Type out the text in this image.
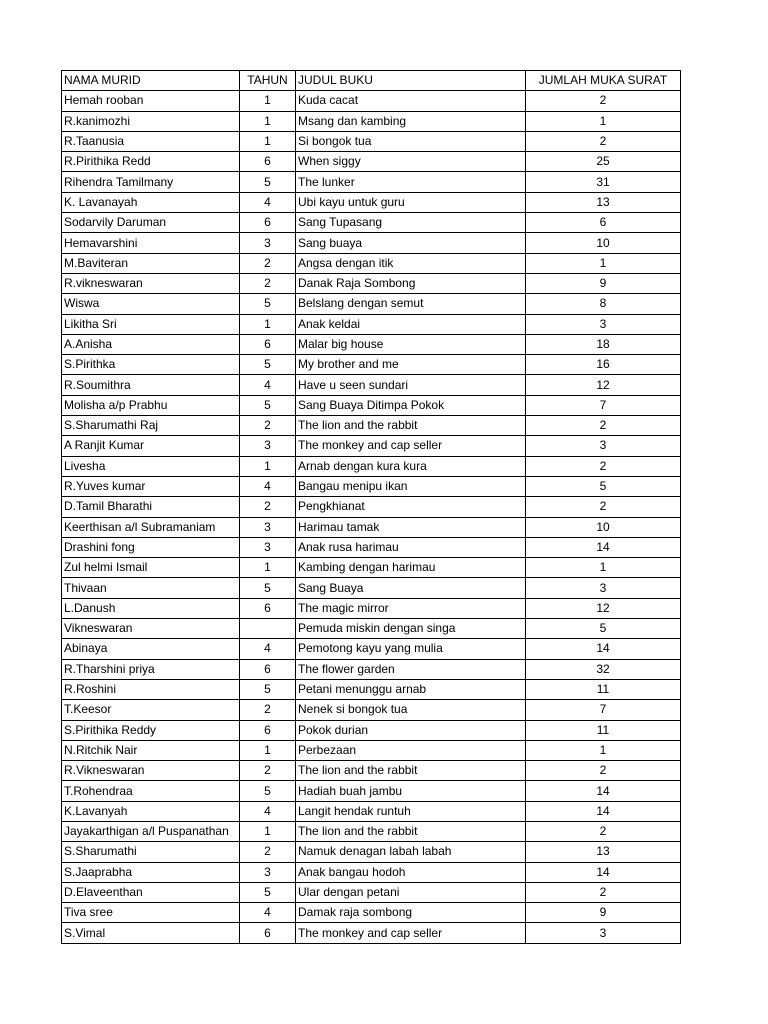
NAMA MURID	TAHUN	JUDUL BUKU	JUMLAH MUKA SURAT
Hemah rooban	1	Kuda cacat	2
R.kanimozhi	1	Msang dan kambing	1
R.Taanusia	1	Si bongok tua	2
R.Pirithika Redd	6	When siggy	25
Rihendra Tamilmany	5	The lunker	31
K. Lavanayah	4	Ubi kayu untuk guru	13
Sodarvily Daruman	6	Sang Tupasang	6
Hemavarshini	3	Sang buaya	10
M.Baviteran	2	Angsa dengan itik	1
R.vikneswaran	2	Danak Raja Sombong	9
Wiswa	5	Belslang dengan semut	8
Likitha Sri	1	Anak keldai	3
A.Anisha	6	Malar big house	18
S.Pirithka	5	My brother and me	16
R.Soumithra	4	Have u seen sundari	12
Molisha a/p Prabhu	5	Sang Buaya Ditimpa Pokok	7
S.Sharumathi Raj	2	The lion and the rabbit	2
A Ranjit Kumar	3	The monkey and cap seller	3
Livesha	1	Arnab dengan kura kura	2
R.Yuves kumar	4	Bangau menipu ikan	5
D.Tamil Bharathi	2	Pengkhianat	2
Keerthisan a/l Subramaniam	3	Harimau tamak	10
Drashini fong	3	Anak rusa harimau	14
Zul helmi Ismail	1	Kambing dengan harimau	1
Thivaan	5	Sang Buaya	3
L.Danush	6	The magic mirror	12
Vikneswaran		Pemuda miskin dengan singa	5
Abinaya	4	Pemotong kayu yang mulia	14
R.Tharshini priya	6	The flower garden	32
R.Roshini	5	Petani menunggu arnab	11
T.Keesor	2	Nenek si bongok tua	7
S.Pirithika Reddy	6	Pokok durian	11
N.Ritchik Nair	1	Perbezaan	1
R.Vikneswaran	2	The lion and the rabbit	2
T.Rohendraa	5	Hadiah buah jambu	14
K.Lavanyah	4	Langit hendak runtuh	14
Jayakarthigan a/l Puspanathan	1	The lion and the rabbit	2
S.Sharumathi	2	Namuk denagan labah labah	13
S.Jaaprabha	3	Anak bangau hodoh	14
D.Elaveenthan	5	Ular dengan petani	2
Tiva sree	4	Damak raja sombong	9
S.Vimal	6	The monkey and cap seller	3
